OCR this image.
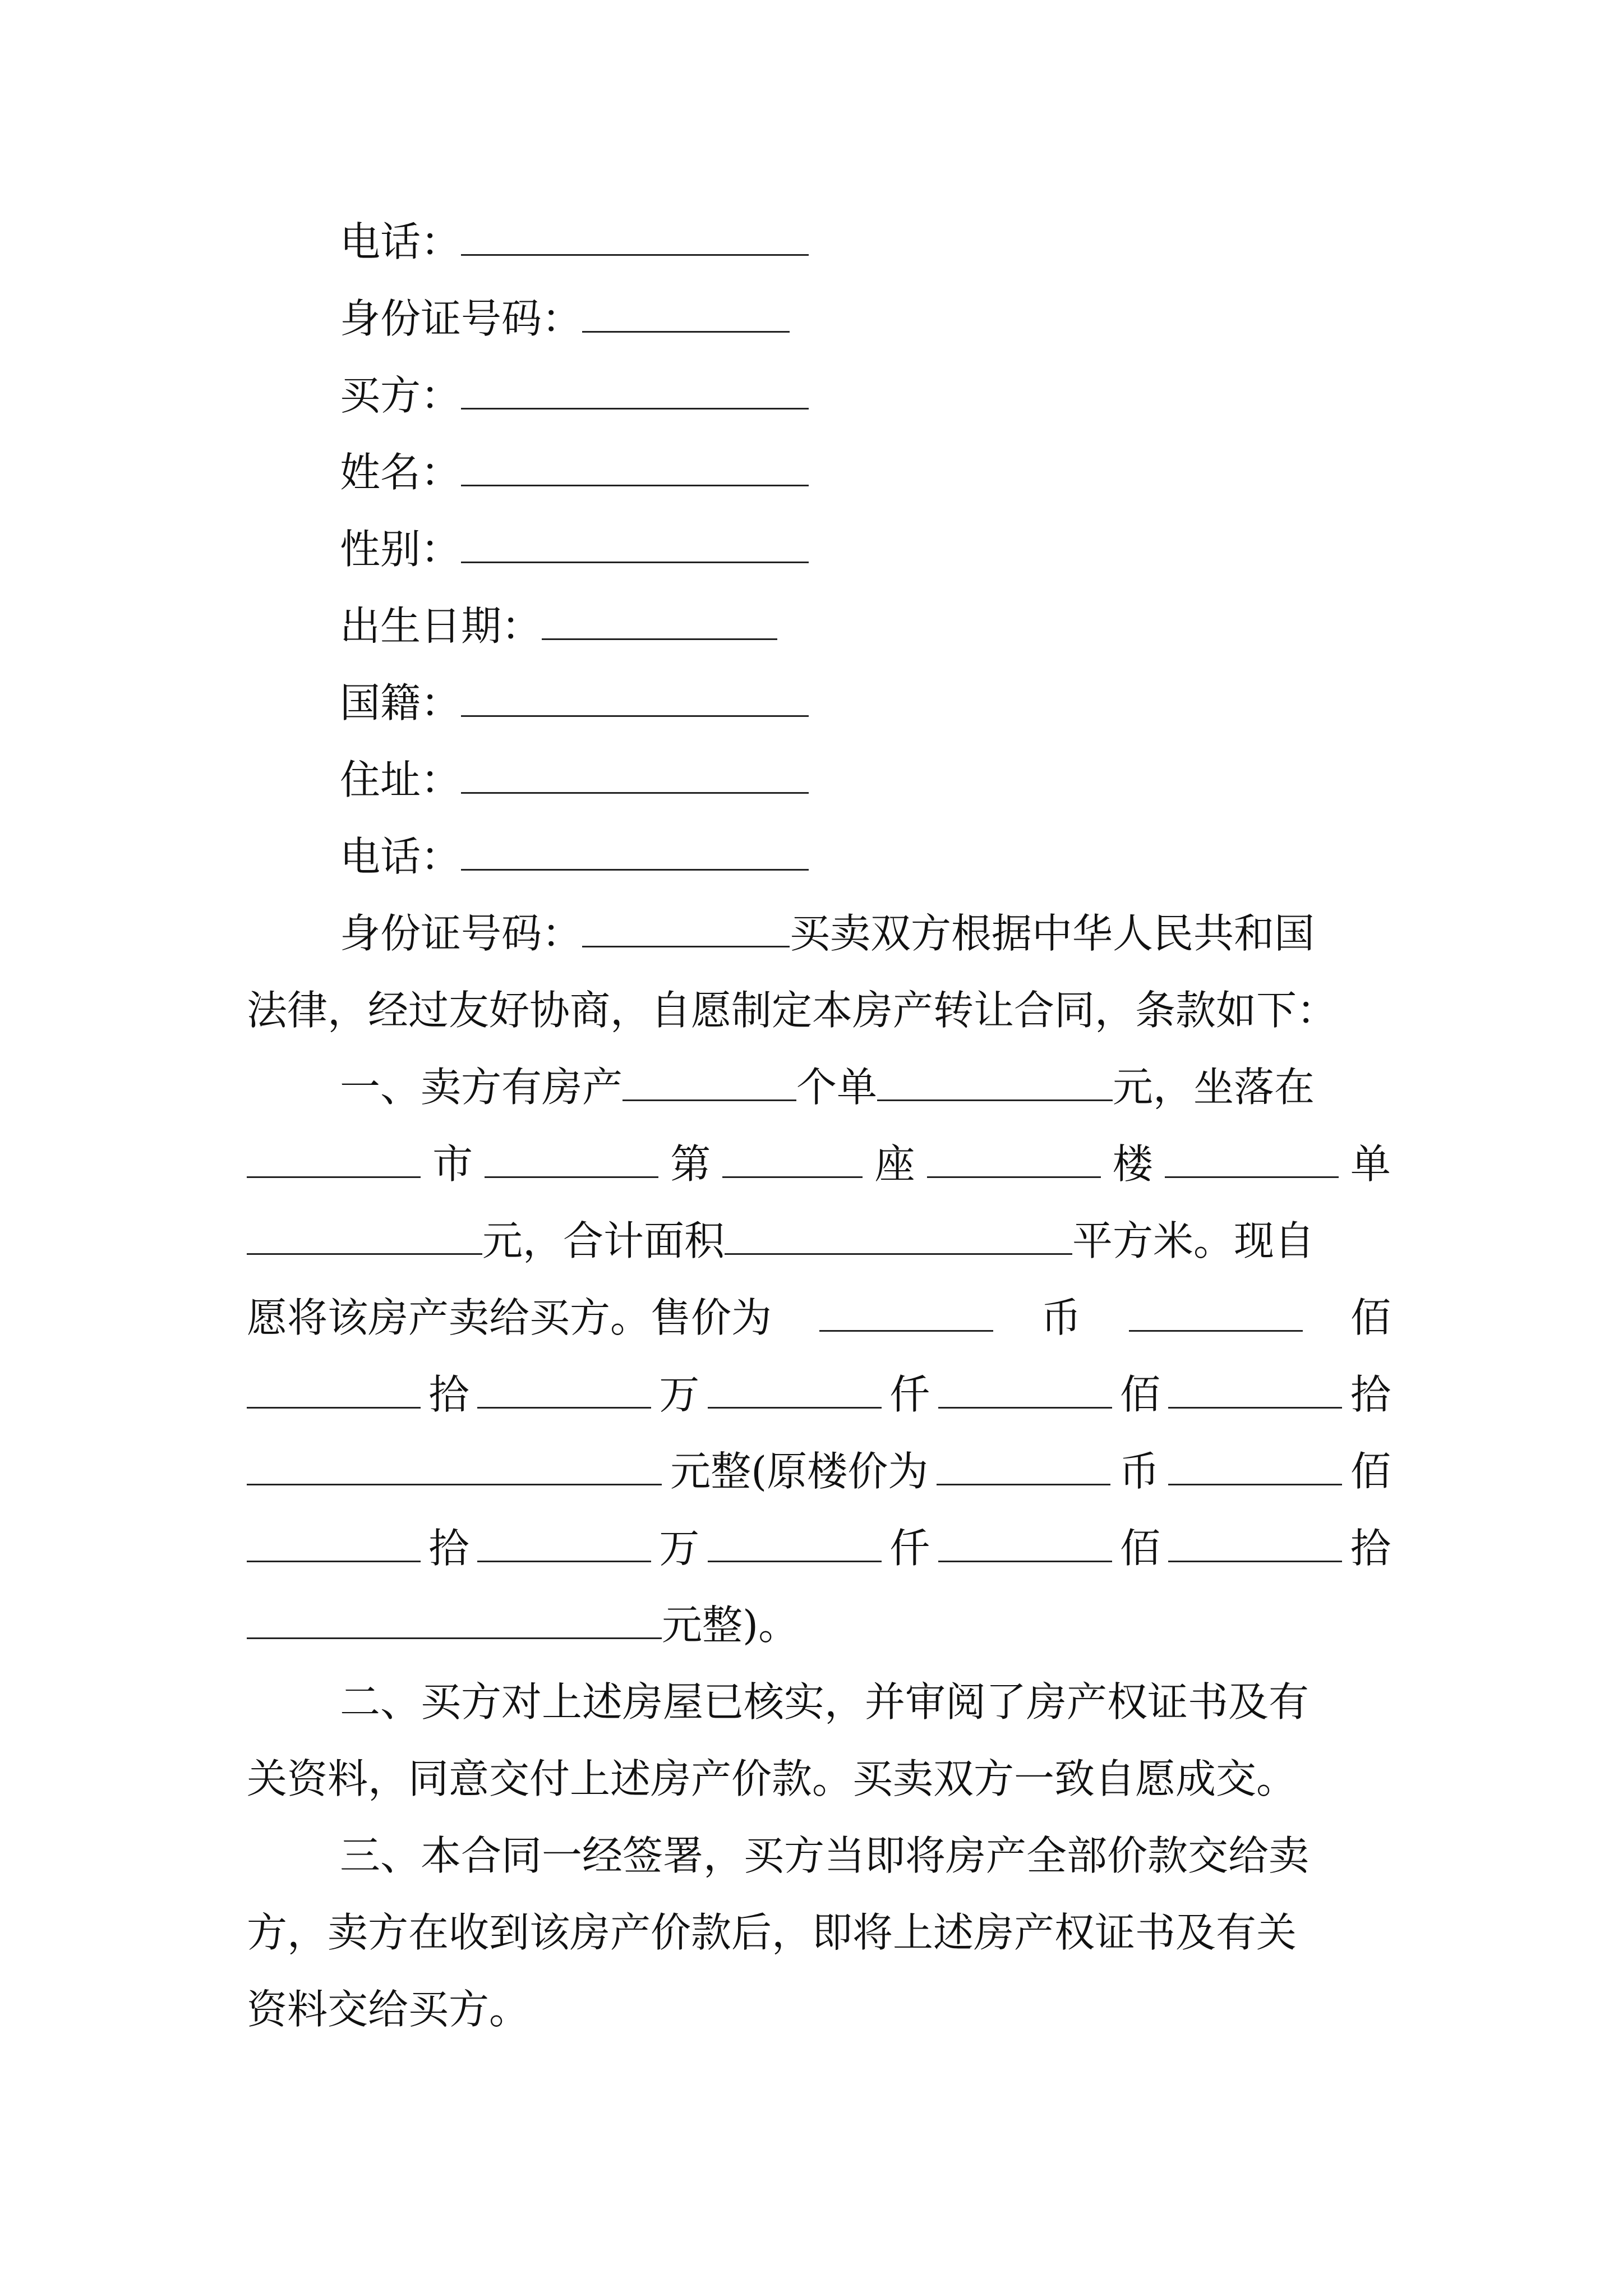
电话：
身份证号码：
买方：
姓名：
性别：
出生日期：
国籍：
住址：
电话：
身份证号码：	买卖双方根据中华人民共和国
法律，经过友好协商，自愿制定本房产转让合同，条款如下：
一、卖方有房产	个单	元，坐落在
市	第	座	楼	单
元，合计面积	平方米。现自
愿将该房产卖给买方。售价为	币	佰
拾	万	仟	佰	拾
元整(原楼价为	币	佰
拾	万	仟	佰	拾
元整)。
二、买方对上述房屋已核实，并审阅了房产权证书及有
关资料，同意交付上述房产价款。买卖双方一致自愿成交。
三、本合同一经签署，买方当即将房产全部价款交给卖
方，卖方在收到该房产价款后，即将上述房产权证书及有关
资料交给买方。
